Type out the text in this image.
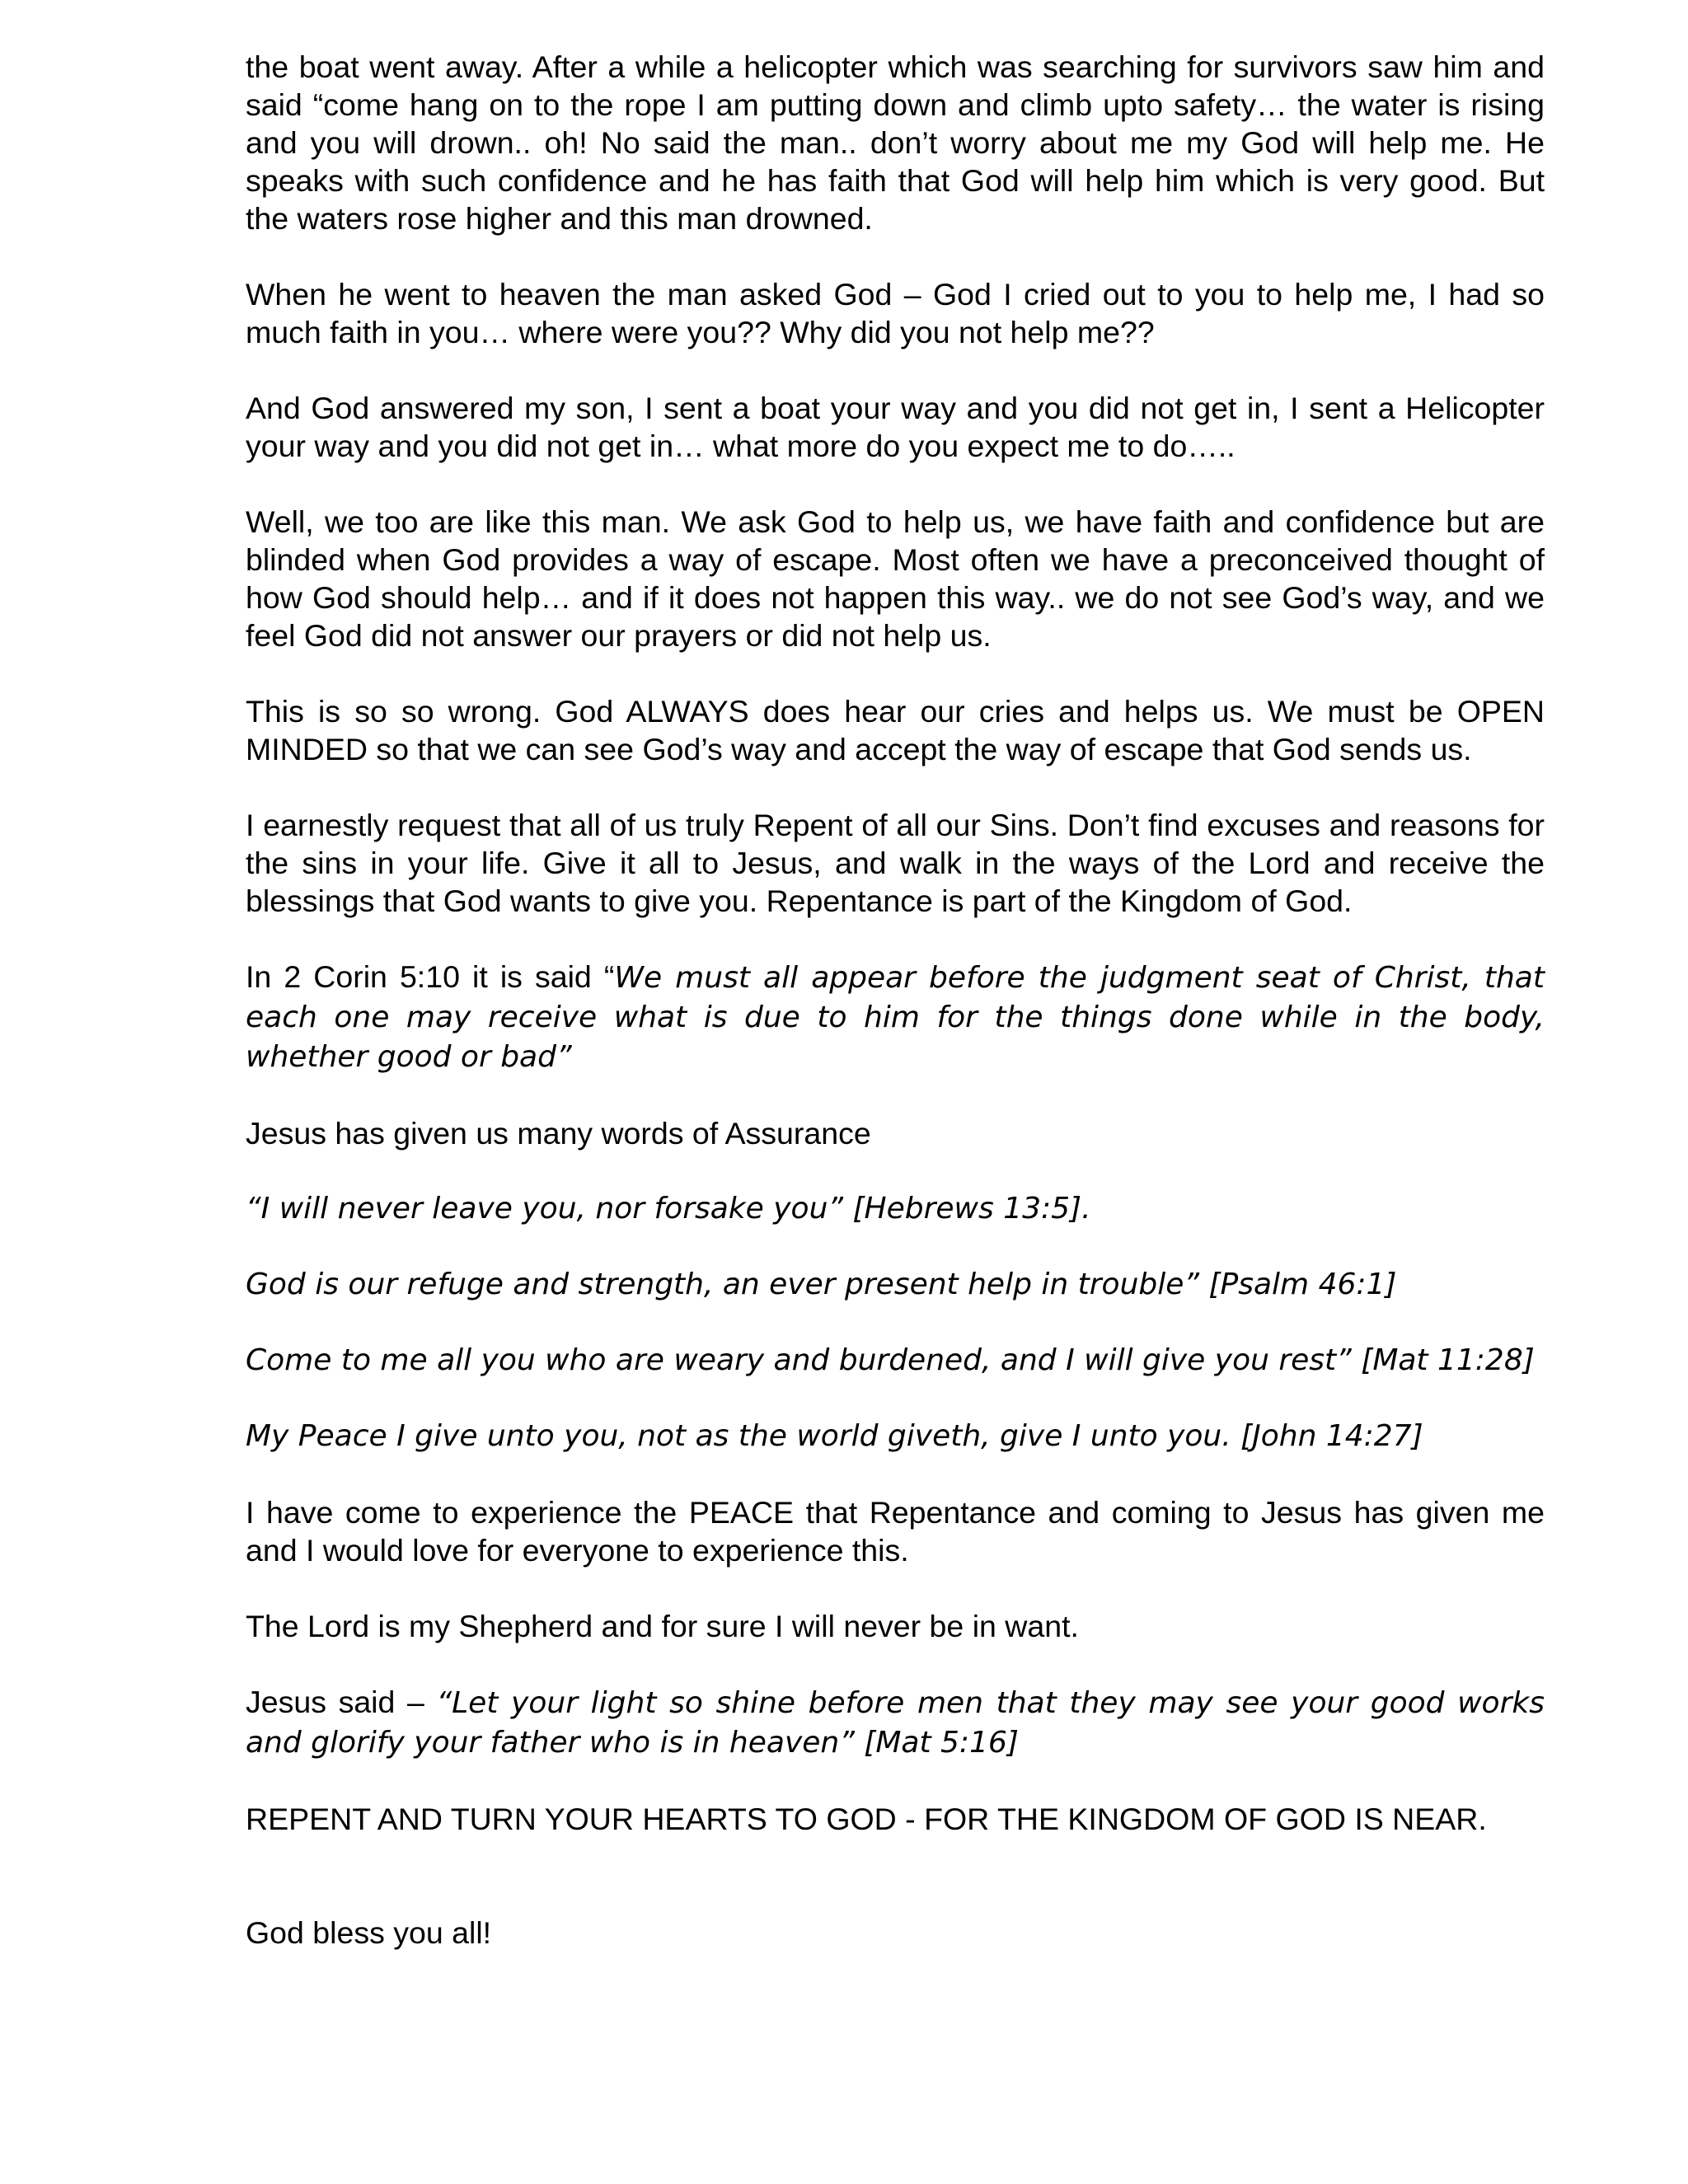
the boat went away. After a while a helicopter which was searching for survivors saw him and said “come hang on to the rope I am putting down and climb upto safety… the water is rising and you will drown.. oh! No said the man.. don’t worry about me my God will help me. He speaks with such confidence and he has faith that God will help him which is very good. But the waters rose higher and this man drowned.

When he went to heaven the man asked God – God I cried out to you to help me, I had so much faith in you… where were you?? Why did you not help me??

And God answered my son, I sent a boat your way and you did not get in, I sent a Helicopter your way and you did not get in… what more do you expect me to do…..

Well, we too are like this man. We ask God to help us, we have faith and confidence but are blinded when God provides a way of escape. Most often we have a preconceived thought of how God should help… and if it does not happen this way.. we do not see God’s way, and we feel God did not answer our prayers or did not help us.

This is so so wrong. God ALWAYS does hear our cries and helps us. We must be OPEN MINDED so that we can see God’s way and accept the way of escape that God sends us.

I earnestly request that all of us truly Repent of all our Sins. Don’t find excuses and reasons for the sins in your life. Give it all to Jesus, and walk in the ways of the Lord and receive the blessings that God wants to give you. Repentance is part of the Kingdom of God.

In 2 Corin 5:10 it is said “We must all appear before the judgment seat of Christ, that each one may receive what is due to him for the things done while in the body, whether good or bad”

Jesus has given us many words of Assurance

“I will never leave you, nor forsake you” [Hebrews 13:5].

God is our refuge and strength, an ever present help in trouble” [Psalm 46:1]

Come to me all you who are weary and burdened, and I will give you rest” [Mat 11:28]

My Peace I give unto you, not as the world giveth, give I unto you. [John 14:27]

I have come to experience the PEACE that Repentance and coming to Jesus has given me and I would love for everyone to experience this.

The Lord is my Shepherd and for sure I will never be in want.

Jesus said – “Let your light so shine before men that they may see your good works and glorify your father who is in heaven” [Mat 5:16]

REPENT AND TURN YOUR HEARTS TO GOD - FOR THE KINGDOM OF GOD IS NEAR.

God bless you all!
